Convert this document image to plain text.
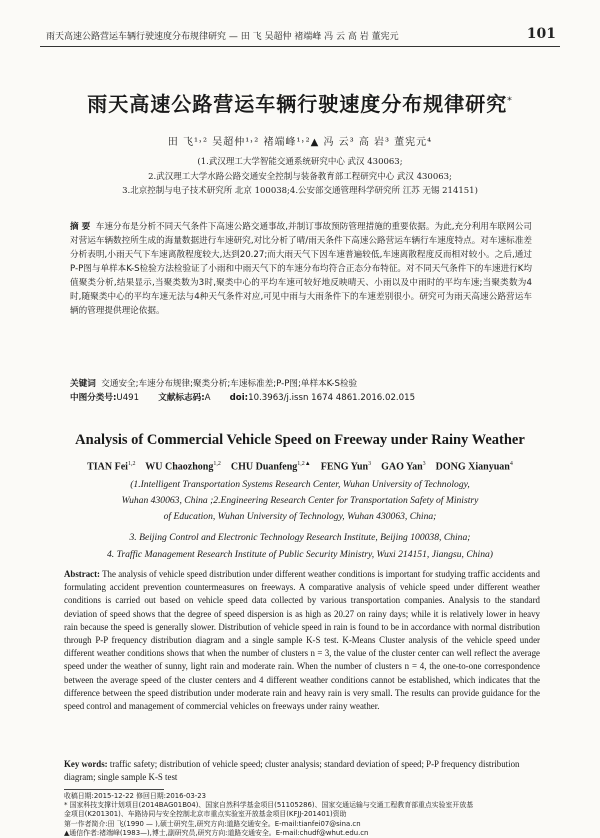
雨天高速公路营运车辆行驶速度分布规律研究 — 田 飞 吴超仲 褚端峰 冯 云 高 岩 董宪元	101
雨天高速公路营运车辆行驶速度分布规律研究*
田 飞¹˒² 吴超仲¹˒² 褚端峰¹˒²▲ 冯 云³ 高 岩³ 董宪元⁴
(1.武汉理工大学智能交通系统研究中心 武汉 430063;
2.武汉理工大学水路公路交通安全控制与装备教育部工程研究中心 武汉 430063;
3.北京控制与电子技术研究所 北京 100038;4.公安部交通管理科学研究所 江苏 无锡 214151)
摘 要 车速分布是分析不同天气条件下高速公路交通事故,并制订事故预防管理措施的重要依据。为此,充分利用车联网公司对营运车辆数控所生成的海量数据进行车速研究,对比分析了晴/雨天条件下高速公路营运车辆行车速度特点。对车速标准差分析表明,小雨天气下车速离散程度较大,达到20.27;而大雨天气下因车速普遍较低,车速离散程度反而相对较小。之后,通过P-P图与单样本K-S检验方法检验证了小雨和中雨天气下的车速分布均符合正态分布特征。对不同天气条件下的车速进行K均值聚类分析,结果显示,当聚类数为3时,聚类中心的平均车速可较好地反映晴天、小雨以及中雨时的平均车速;当聚类数为4时,随聚类中心的平均车速无法与4种天气条件对应,可见中雨与大雨条件下的车速差别很小。研究可为雨天高速公路营运车辆的管理提供理论依据。
关键词 交通安全;车速分布规律;聚类分析;车速标准差;P-P图;单样本K-S检验
中图分类号:U491 文献标志码:A doi:10.3963/j.issn 1674 4861.2016.02.015
Analysis of Commercial Vehicle Speed on Freeway under Rainy Weather
TIAN Fei$^{1,2}$ WU Chaozhong$^{1,2}$ CHU Duanfeng$^{1,2▲}$ FENG Yun$^3$ GAO Yan$^3$ DONG Xianyuan$^4$
(1.Intelligent Transportation Systems Research Center, Wuhan University of Technology,
Wuhan 430063, China ;2.Engineering Research Center for Transportation Safety of Ministry
of Education, Wuhan University of Technology, Wuhan 430063, China;
3. Beijing Control and Electronic Technology Research Institute, Beijing 100038, China;
4. Traffic Management Research Institute of Public Security Ministry, Wuxi 214151, Jiangsu, China)
Abstract: The analysis of vehicle speed distribution under different weather conditions is important for studying traffic accidents and formulating accident prevention countermeasures on freeways. A comparative analysis of vehicle speed under different weather conditions is carried out based on vehicle speed data collected by various transportation companies. Analysis to the standard deviation of speed shows that the degree of speed dispersion is as high as 20.27 on rainy days; while it is relatively lower in heavy rain because the speed is generally slower. Distribution of vehicle speed in rain is found to be in accordance with normal distribution through P-P frequency distribution diagram and a single sample K-S test. K-Means Cluster analysis of the vehicle speed under different weather conditions shows that when the number of clusters n = 3, the value of the cluster center can well reflect the average speed under the weather of sunny, light rain and moderate rain. When the number of clusters n = 4, the one-to-one correspondence between the average speed of the cluster centers and 4 different weather conditions cannot be established, which indicates that the difference between the speed distribution under moderate rain and heavy rain is very small. The results can provide guidance for the speed control and management of commercial vehicles on freeways under rainy weather.
Key words: traffic safety; distribution of vehicle speed; cluster analysis; standard deviation of speed; P-P frequency distribution diagram; single sample K-S test
收稿日期:2015-12-22 修回日期:2016-03-23
* 国家科技支撑计划项目(2014BAG01B04)、国家自然科学基金项目(51105286)、国家交通运输与交通工程教育部重点实验室开放基
金项目(K201301)、车路协同与安全控制北京市重点实验室开放基金项目(KFJJ-201401)资助
第一作者简介:田 飞(1990 — ),硕士研究生,研究方向:道路交通安全。E-mail:tianfei07@sina.cn
▲通信作者:褚端峰(1983—),博士,副研究员,研究方向:道路交通安全。E-mail:chudf@whut.edu.cn
